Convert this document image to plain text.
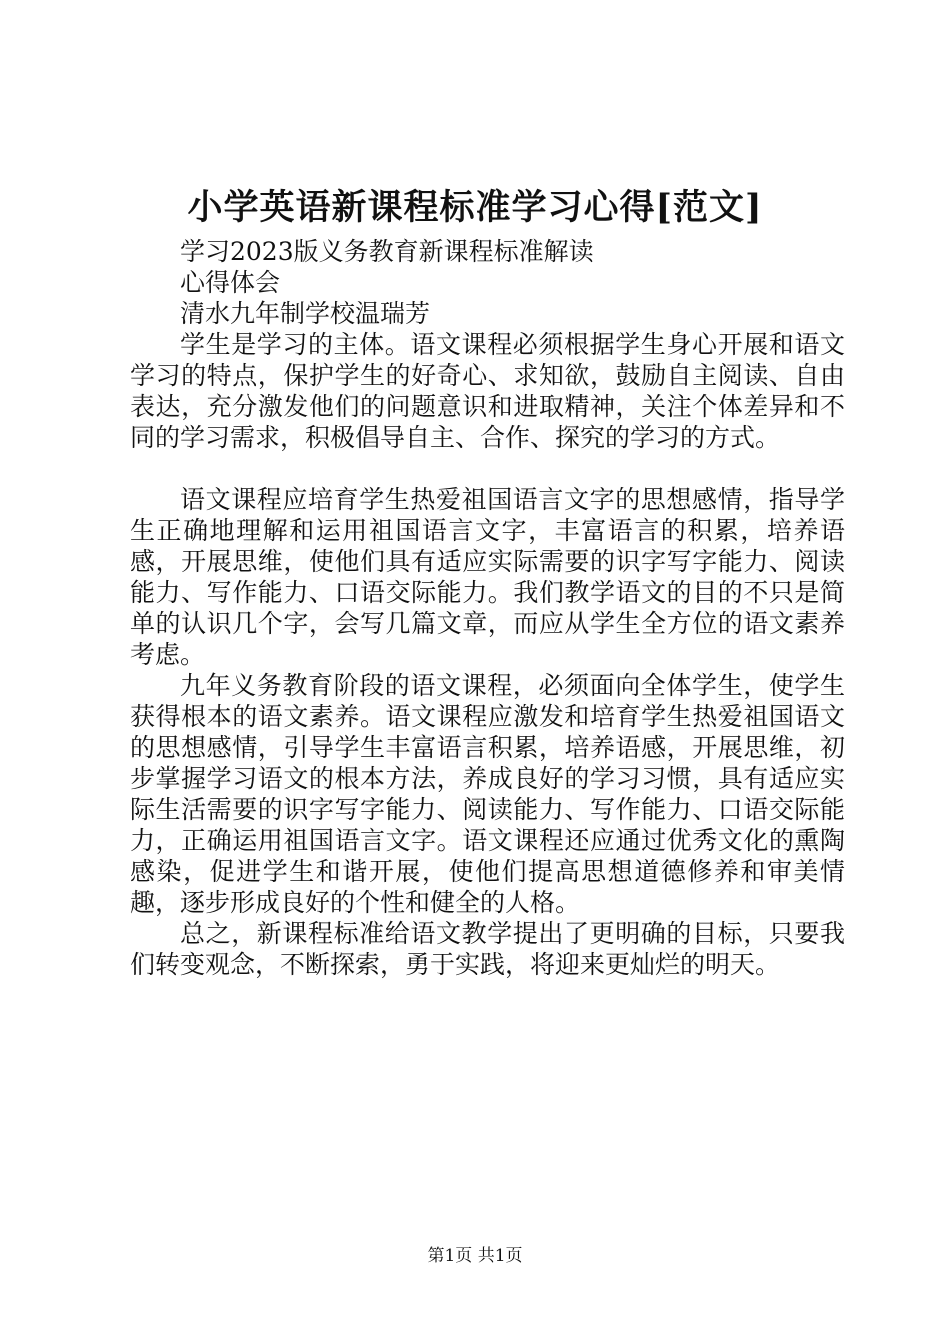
小学英语新课程标准学习心得[范文]

学习2023版义务教育新课程标准解读

心得体会

清水九年制学校温瑞芳

学生是学习的主体。语文课程必须根据学生身心开展和语文学习的特点，保护学生的好奇心、求知欲，鼓励自主阅读、自由表达，充分激发他们的问题意识和进取精神，关注个体差异和不同的学习需求，积极倡导自主、合作、探究的学习的方式。

语文课程应培育学生热爱祖国语言文字的思想感情，指导学生正确地理解和运用祖国语言文字，丰富语言的积累，培养语感，开展思维，使他们具有适应实际需要的识字写字能力、阅读能力、写作能力、口语交际能力。我们教学语文的目的不只是简单的认识几个字，会写几篇文章，而应从学生全方位的语文素养考虑。

九年义务教育阶段的语文课程，必须面向全体学生，使学生获得根本的语文素养。语文课程应激发和培育学生热爱祖国语文的思想感情，引导学生丰富语言积累，培养语感，开展思维，初步掌握学习语文的根本方法，养成良好的学习习惯，具有适应实际生活需要的识字写字能力、阅读能力、写作能力、口语交际能力，正确运用祖国语言文字。语文课程还应通过优秀文化的熏陶感染，促进学生和谐开展，使他们提高思想道德修养和审美情趣，逐步形成良好的个性和健全的人格。

总之，新课程标准给语文教学提出了更明确的目标，只要我们转变观念，不断探索，勇于实践，将迎来更灿烂的明天。

第1页 共1页
